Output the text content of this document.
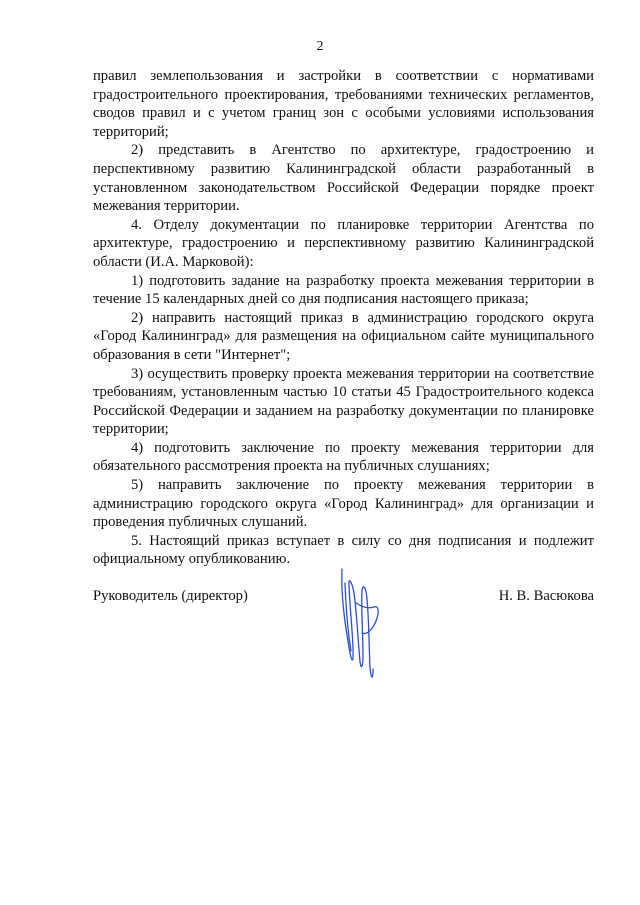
2

правил землепользования и застройки в соответствии с нормативами градостроительного проектирования, требованиями технических регламентов, сводов правил и с учетом границ зон с особыми условиями использования территорий;

2) представить в Агентство по архитектуре, градостроению и перспективному развитию Калининградской области разработанный в установленном законодательством Российской Федерации порядке проект межевания территории.

4. Отделу документации по планировке территории Агентства по архитектуре, градостроению и перспективному развитию Калининградской области (И.А. Марковой):

1) подготовить задание на разработку проекта межевания территории в течение 15 календарных дней со дня подписания настоящего приказа;

2) направить настоящий приказ в администрацию городского округа «Город Калининград» для размещения на официальном сайте муниципального образования в сети "Интернет";

3) осуществить проверку проекта межевания территории на соответствие требованиям, установленным частью 10 статьи 45 Градостроительного кодекса Российской Федерации и заданием на разработку документации по планировке территории;

4) подготовить заключение по проекту межевания территории для обязательного рассмотрения проекта на публичных слушаниях;

5) направить заключение по проекту межевания территории в администрацию городского округа «Город Калининград» для организации и проведения публичных слушаний.

5. Настоящий приказ вступает в силу со дня подписания и подлежит официальному опубликованию.

Руководитель (директор)	Н. В. Васюкова
